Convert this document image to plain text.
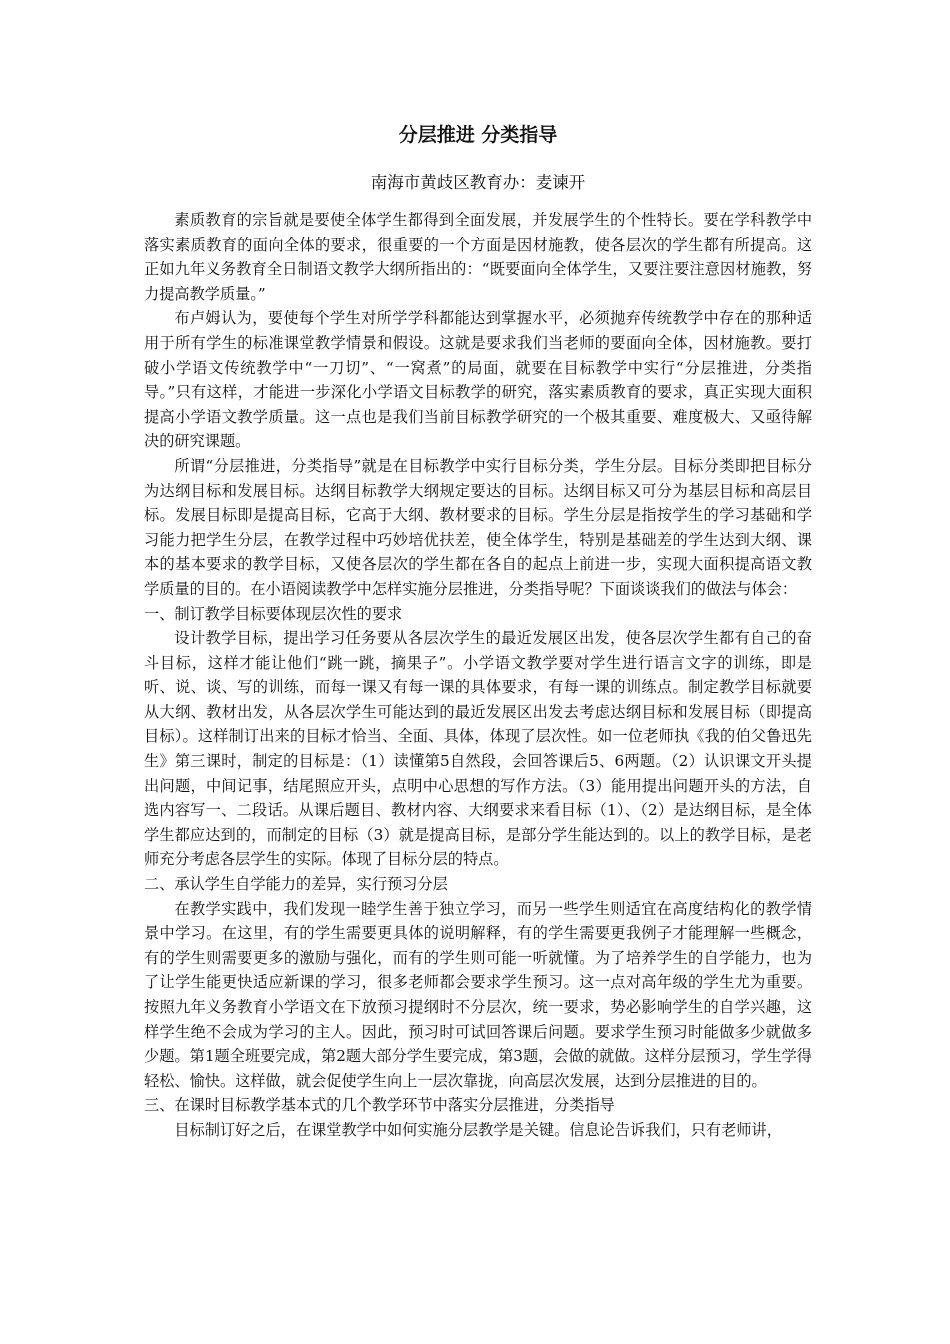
分层推进 分类指导
南海市黄歧区教育办：麦谏开

素质教育的宗旨就是要使全体学生都得到全面发展，并发展学生的个性特长。要在学科教学中落实素质教育的面向全体的要求，很重要的一个方面是因材施教，使各层次的学生都有所提高。这正如九年义务教育全日制语文教学大纲所指出的：“既要面向全体学生，又要注要注意因材施教，努力提高教学质量。”

布卢姆认为，要使每个学生对所学学科都能达到掌握水平，必须抛弃传统教学中存在的那种适用于所有学生的标准课堂教学情景和假设。这就是要求我们当老师的要面向全体，因材施教。要打破小学语文传统教学中“一刀切”、“一窝煮”的局面，就要在目标教学中实行“分层推进，分类指导。”只有这样，才能进一步深化小学语文目标教学的研究，落实素质教育的要求，真正实现大面积提高小学语文教学质量。这一点也是我们当前目标教学研究的一个极其重要、难度极大、又亟待解决的研究课题。

所谓“分层推进，分类指导”就是在目标教学中实行目标分类，学生分层。目标分类即把目标分为达纲目标和发展目标。达纲目标教学大纲规定要达的目标。达纲目标又可分为基层目标和高层目标。发展目标即是提高目标，它高于大纲、教材要求的目标。学生分层是指按学生的学习基础和学习能力把学生分层，在教学过程中巧妙培优扶差，使全体学生，特别是基础差的学生达到大纲、课本的基本要求的教学目标，又使各层次的学生都在各自的起点上前进一步，实现大面积提高语文教学质量的目的。在小语阅读教学中怎样实施分层推进，分类指导呢？下面谈谈我们的做法与体会：

一、制订教学目标要体现层次性的要求

设计教学目标，提出学习任务要从各层次学生的最近发展区出发，使各层次学生都有自己的奋斗目标，这样才能让他们“跳一跳，摘果子”。小学语文教学要对学生进行语言文字的训练，即是听、说、谈、写的训练，而每一课又有每一课的具体要求，有每一课的训练点。制定教学目标就要从大纲、教材出发，从各层次学生可能达到的最近发展区出发去考虑达纲目标和发展目标（即提高目标）。这样制订出来的目标才恰当、全面、具体，体现了层次性。如一位老师执《我的伯父鲁迅先生》第三课时，制定的目标是：（1）读懂第5自然段，会回答课后5、6两题。（2）认识课文开头提出问题，中间记事，结尾照应开头，点明中心思想的写作方法。（3）能用提出问题开头的方法，自选内容写一、二段话。从课后题目、教材内容、大纲要求来看目标（1）、（2）是达纲目标，是全体学生都应达到的，而制定的目标（3）就是提高目标，是部分学生能达到的。以上的教学目标，是老师充分考虑各层学生的实际。体现了目标分层的特点。

二、承认学生自学能力的差异，实行预习分层

在教学实践中，我们发现一睦学生善于独立学习，而另一些学生则适宜在高度结构化的教学情景中学习。在这里，有的学生需要更具体的说明解释，有的学生需要更我例子才能理解一些概念，有的学生则需要更多的激励与强化，而有的学生则可能一听就懂。为了培养学生的自学能力，也为了让学生能更快适应新课的学习，很多老师都会要求学生预习。这一点对高年级的学生尤为重要。按照九年义务教育小学语文在下放预习提纲时不分层次，统一要求，势必影响学生的自学兴趣，这样学生绝不会成为学习的主人。因此，预习时可试回答课后问题。要求学生预习时能做多少就做多少题。第1题全班要完成，第2题大部分学生要完成，第3题，会做的就做。这样分层预习，学生学得轻松、愉快。这样做，就会促使学生向上一层次靠拢，向高层次发展，达到分层推进的目的。

三、在课时目标教学基本式的几个教学环节中落实分层推进，分类指导

目标制订好之后，在课堂教学中如何实施分层教学是关键。信息论告诉我们，只有老师讲，
